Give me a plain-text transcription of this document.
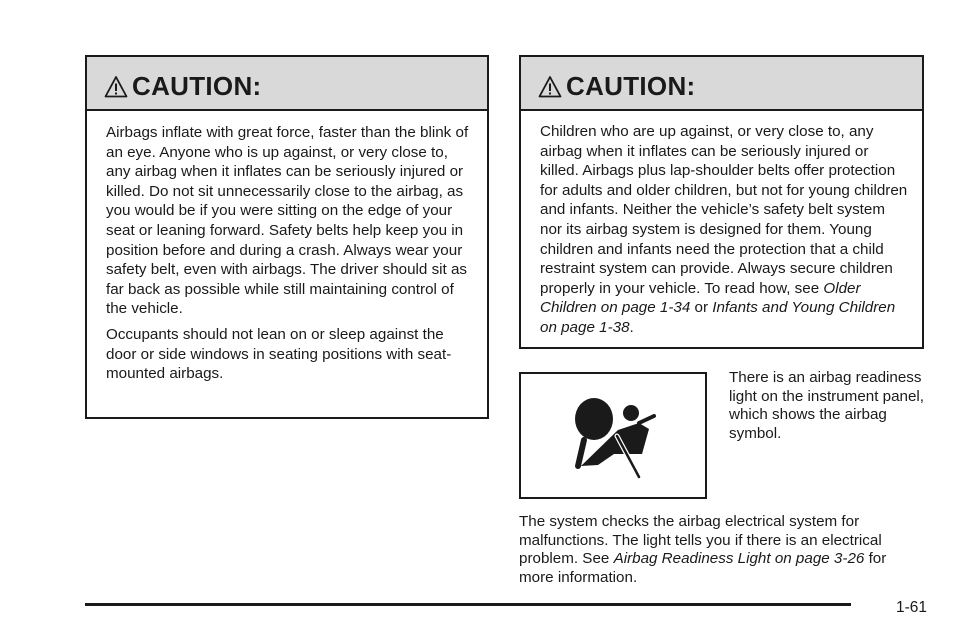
CAUTION:

Airbags inflate with great force, faster than the blink of an eye. Anyone who is up against, or very close to, any airbag when it inflates can be seriously injured or killed. Do not sit unnecessarily close to the airbag, as you would be if you were sitting on the edge of your seat or leaning forward. Safety belts help keep you in position before and during a crash. Always wear your safety belt, even with airbags. The driver should sit as far back as possible while still maintaining control of the vehicle.

Occupants should not lean on or sleep against the door or side windows in seating positions with seat-mounted airbags.

CAUTION:

Children who are up against, or very close to, any airbag when it inflates can be seriously injured or killed. Airbags plus lap-shoulder belts offer protection for adults and older children, but not for young children and infants. Neither the vehicle’s safety belt system nor its airbag system is designed for them. Young children and infants need the protection that a child restraint system can provide. Always secure children properly in your vehicle. To read how, see Older Children on page 1-34 or Infants and Young Children on page 1-38.

There is an airbag readiness light on the instrument panel, which shows the airbag symbol.
The system checks the airbag electrical system for malfunctions. The light tells you if there is an electrical problem. See Airbag Readiness Light on page 3-26 for more information.
1-61
